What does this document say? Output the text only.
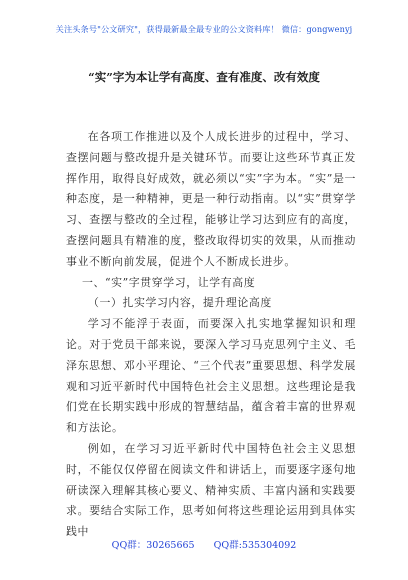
关注头条号"公文研究"，获得最新最全最专业的公文资料库！ 微信：gongwenyj
“实”字为本让学有高度、查有准度、改有效度

在各项工作推进以及个人成长进步的过程中，学习、查摆问题与整改提升是关键环节。而要让这些环节真正发挥作用，取得良好成效，就必须以“实”字为本。“实”是一种态度，是一种精神，更是一种行动指南。以“实”贯穿学习、查摆与整改的全过程，能够让学习达到应有的高度，查摆问题具有精准的度，整改取得切实的效果，从而推动事业不断向前发展，促进个人不断成长进步。

一、“实”字贯穿学习，让学有高度

（一）扎实学习内容，提升理论高度

学习不能浮于表面，而要深入扎实地掌握知识和理论。对于党员干部来说，要深入学习马克思列宁主义、毛泽东思想、邓小平理论、“三个代表”重要思想、科学发展观和习近平新时代中国特色社会主义思想。这些理论是我们党在长期实践中形成的智慧结晶，蕴含着丰富的世界观和方法论。

例如，在学习习近平新时代中国特色社会主义思想时，不能仅仅停留在阅读文件和讲话上，而要逐字逐句地研读深入理解其核心要义、精神实质、丰富内涵和实践要求。要结合实际工作，思考如何将这些理论运用到具体实践中

QQ群：30265665 QQ群:535304092
